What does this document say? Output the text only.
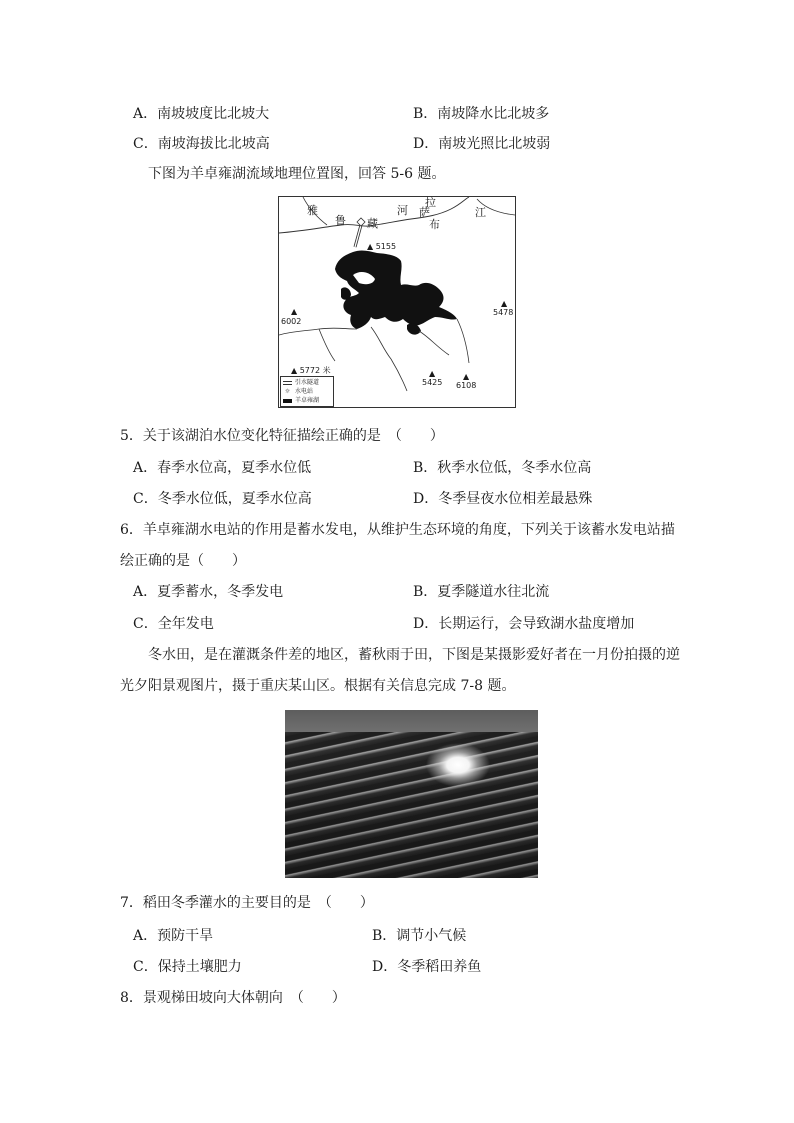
A．南坡坡度比北坡大	B．南坡降水比北坡多
C．南坡海拔比北坡高	D．南坡光照比北坡弱
下图为羊卓雍湖流域地理位置图，回答 5-6 题。
雅
鲁 藏
河 萨
拉
布
江
▲ 5155
▲
5478
▲
6002
▲ 5772 米	▲
5425
▲
6108
引水隧道
☼ 水电站
羊卓雍湖
5．关于该湖泊水位变化特征描绘正确的是　（　　）
A．春季水位高，夏季水位低	B．秋季水位低，冬季水位高
C．冬季水位低，夏季水位高	D．冬季昼夜水位相差最悬殊
6．羊卓雍湖水电站的作用是蓄水发电，从维护生态环境的角度，下列关于该蓄水发电站描
绘正确的是（　　）
A．夏季蓄水，冬季发电	B．夏季隧道水往北流
C．全年发电	D．长期运行，会导致湖水盐度增加
冬水田，是在灌溉条件差的地区，蓄秋雨于田，下图是某摄影爱好者在一月份拍摄的逆
光夕阳景观图片，摄于重庆某山区。根据有关信息完成 7-8 题。
7．稻田冬季灌水的主要目的是　（　　）
A．预防干旱	B．调节小气候
C．保持土壤肥力	D．冬季稻田养鱼
8．景观梯田坡向大体朝向　（　　）
